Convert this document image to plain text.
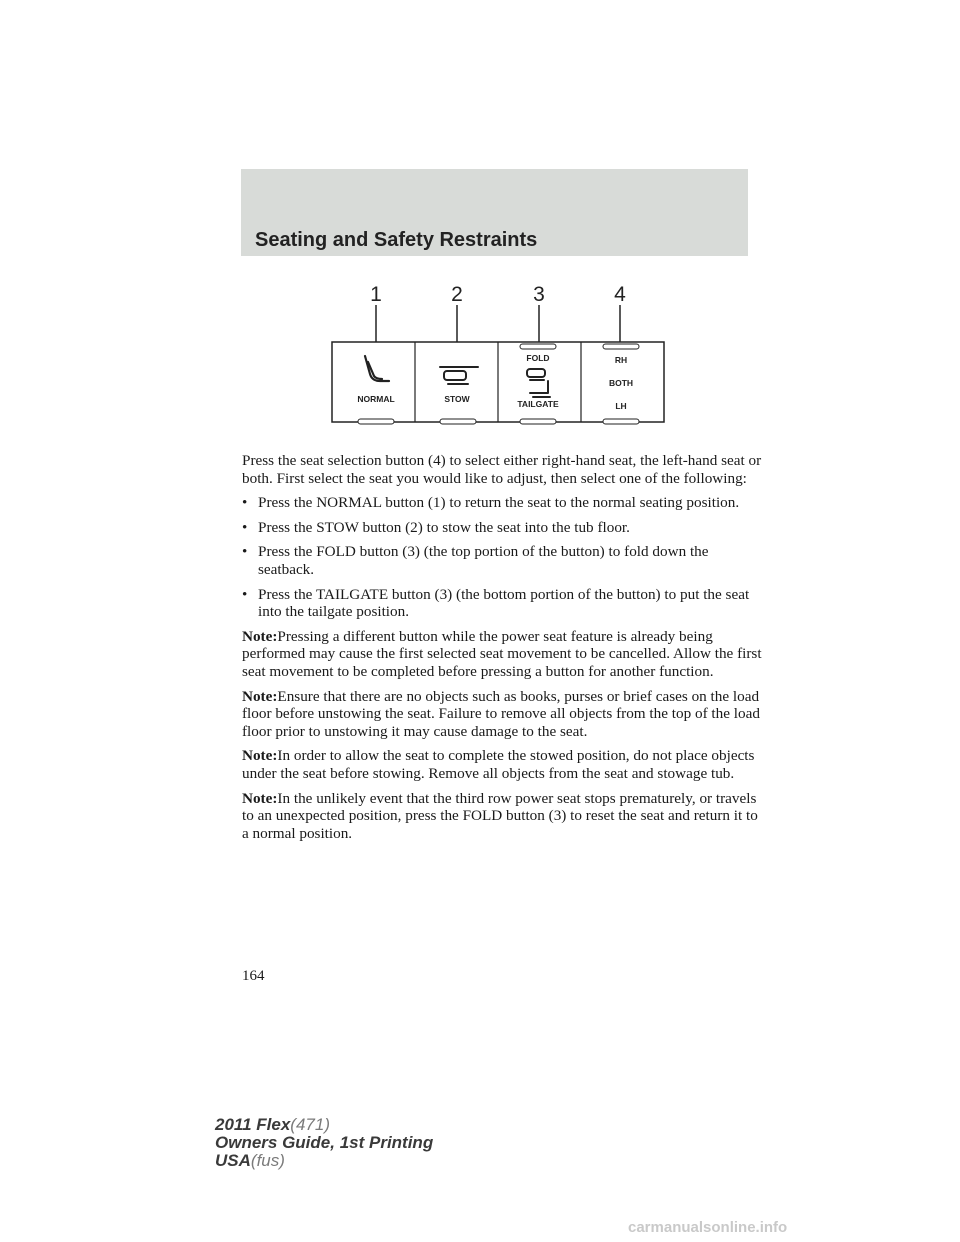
Seating and Safety Restraints
1	2	3	4
NORMAL	STOW
FOLD
TAILGATE
RH
BOTH
LH

Press the seat selection button (4) to select either right-hand seat, the left-hand seat or both. First select the seat you would like to adjust, then select one of the following:

• Press the NORMAL button (1) to return the seat to the normal seating position.
• Press the STOW button (2) to stow the seat into the tub floor.
• Press the FOLD button (3) (the top portion of the button) to fold down the seatback.
• Press the TAILGATE button (3) (the bottom portion of the button) to put the seat into the tailgate position.

Note:Pressing a different button while the power seat feature is already being performed may cause the first selected seat movement to be cancelled. Allow the first seat movement to be completed before pressing a button for another function.

Note:Ensure that there are no objects such as books, purses or brief cases on the load floor before unstowing the seat. Failure to remove all objects from the top of the load floor prior to unstowing it may cause damage to the seat.

Note:In order to allow the seat to complete the stowed position, do not place objects under the seat before stowing. Remove all objects from the seat and stowage tub.

Note:In the unlikely event that the third row power seat stops prematurely, or travels to an unexpected position, press the FOLD button (3) to reset the seat and return it to a normal position.

164
2011 Flex(471)
Owners Guide, 1st Printing
USA(fus)
carmanualsonline.info
